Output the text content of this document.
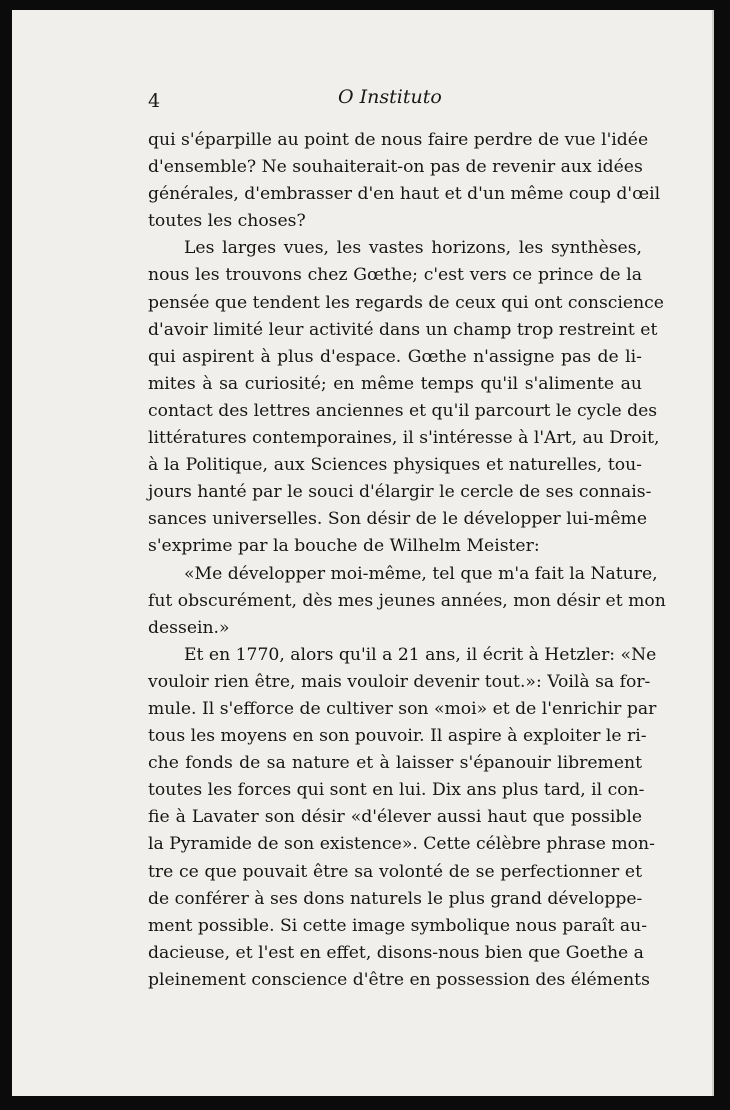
4	O Instituto
qui s'éparpille au point de nous faire perdre de vue l'idée
d'ensemble? Ne souhaiterait-on pas de revenir aux idées
générales, d'embrasser d'en haut et d'un même coup d'œil
toutes les choses?
Les larges vues, les vastes horizons, les synthèses,
nous les trouvons chez Gœthe; c'est vers ce prince de la
pensée que tendent les regards de ceux qui ont conscience
d'avoir limité leur activité dans un champ trop restreint et
qui aspirent à plus d'espace. Gœthe n'assigne pas de li-
mites à sa curiosité; en même temps qu'il s'alimente au
contact des lettres anciennes et qu'il parcourt le cycle des
littératures contemporaines, il s'intéresse à l'Art, au Droit,
à la Politique, aux Sciences physiques et naturelles, tou-
jours hanté par le souci d'élargir le cercle de ses connais-
sances universelles. Son désir de le développer lui-même
s'exprime par la bouche de Wilhelm Meister:
«Me développer moi-même, tel que m'a fait la Nature,
fut obscurément, dès mes jeunes années, mon désir et mon
dessein.»
Et en 1770, alors qu'il a 21 ans, il écrit à Hetzler: «Ne
vouloir rien être, mais vouloir devenir tout.»: Voilà sa for-
mule. Il s'efforce de cultiver son «moi» et de l'enrichir par
tous les moyens en son pouvoir. Il aspire à exploiter le ri-
che fonds de sa nature et à laisser s'épanouir librement
toutes les forces qui sont en lui. Dix ans plus tard, il con-
fie à Lavater son désir «d'élever aussi haut que possible
la Pyramide de son existence». Cette célèbre phrase mon-
tre ce que pouvait être sa volonté de se perfectionner et
de conférer à ses dons naturels le plus grand développe-
ment possible. Si cette image symbolique nous paraît au-
dacieuse, et l'est en effet, disons-nous bien que Goethe a
pleinement conscience d'être en possession des éléments
